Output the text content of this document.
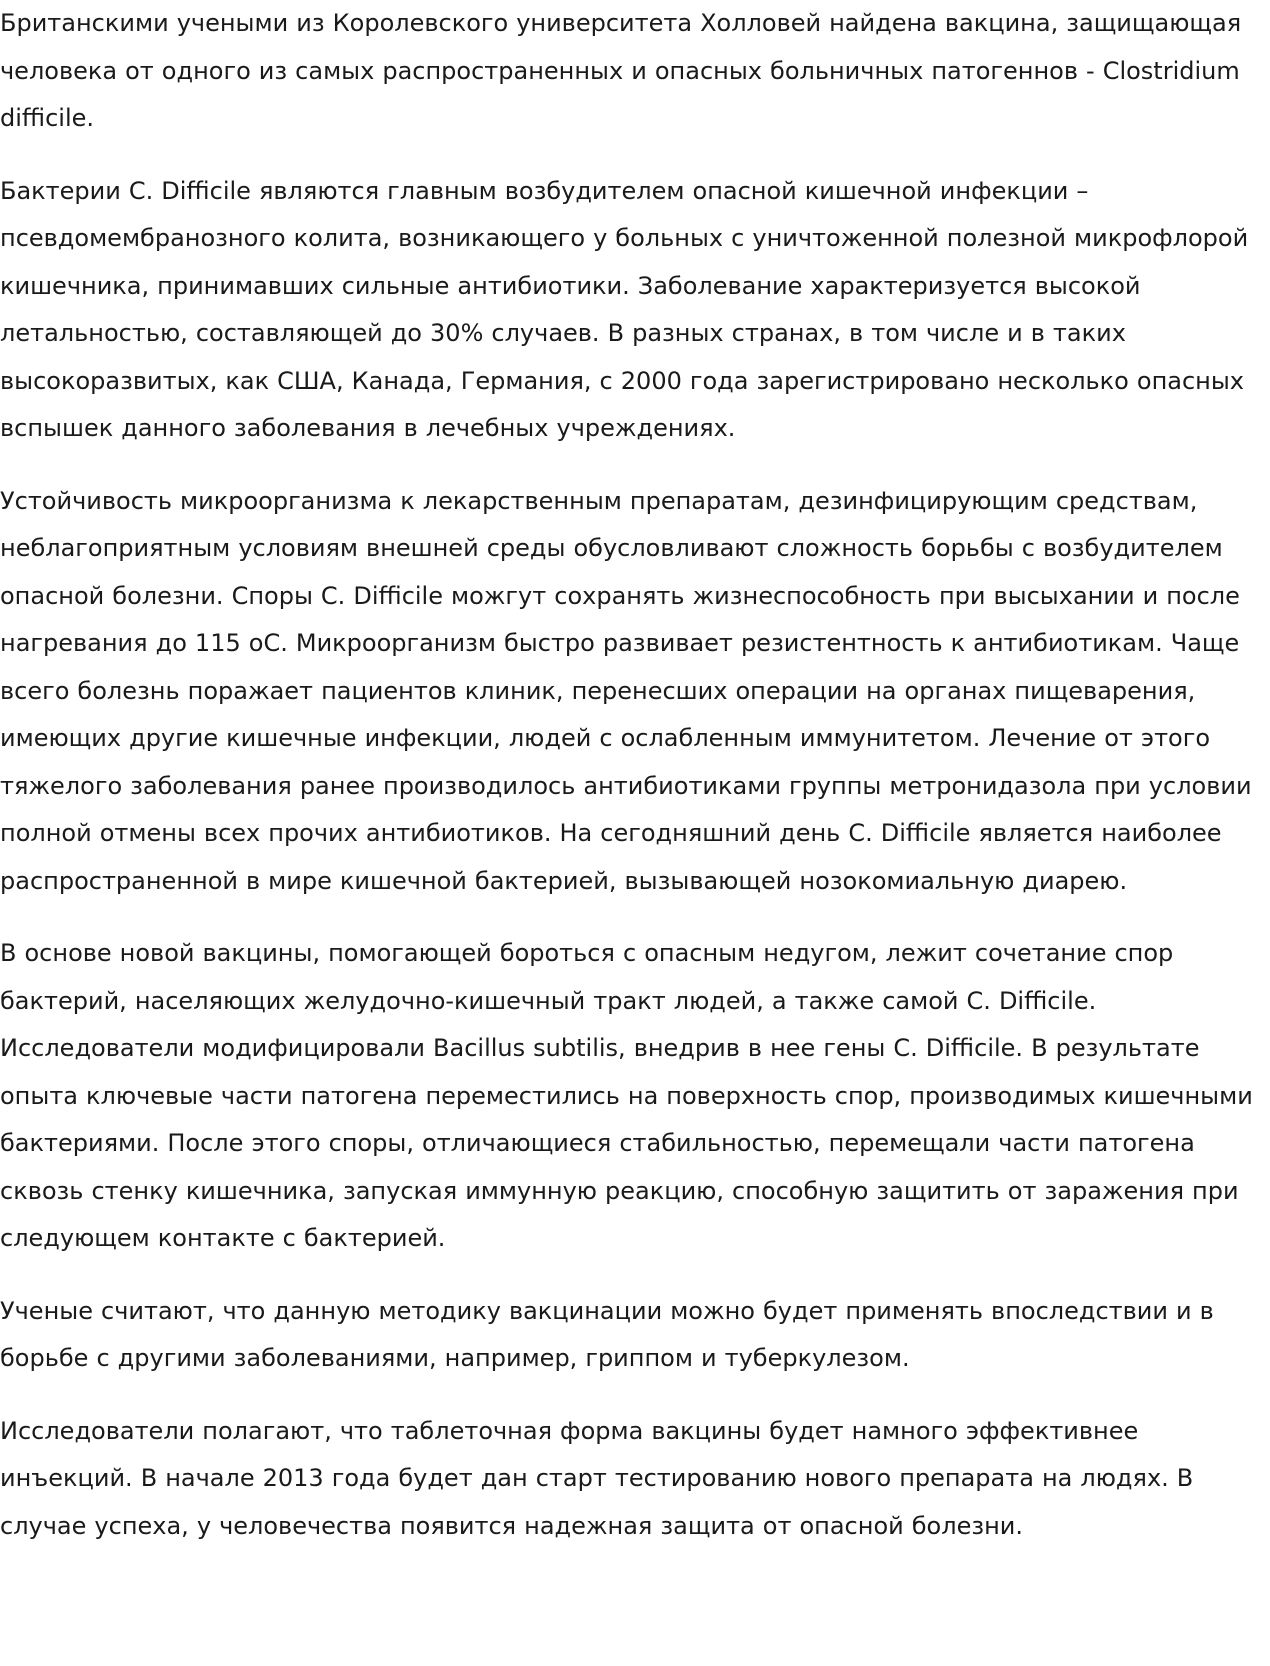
Британскими учеными из Королевского университета Холловей найдена вакцина, защищающая человека от одного из самых распространенных и опасных больничных патогеннов - Clostridium difficile.

Бактерии C. Difficile являются главным возбудителем опасной кишечной инфекции – псевдомембранозного колита, возникающего у больных с уничтоженной полезной микрофлорой кишечника, принимавших сильные антибиотики. Заболевание характеризуется высокой летальностью, составляющей до 30% случаев. В разных странах, в том числе и в таких высокоразвитых, как США, Канада, Германия, с 2000 года зарегистрировано несколько опасных вспышек данного заболевания в лечебных учреждениях.

Устойчивость микроорганизма к лекарственным препаратам, дезинфицирующим средствам, неблагоприятным условиям внешней среды обусловливают сложность борьбы с возбудителем опасной болезни. Споры C. Difficile можгут сохранять жизнеспособность при высыхании и после нагревания до 115 oC. Микроорганизм быстро развивает резистентность к антибиотикам. Чаще всего болезнь поражает пациентов клиник, перенесших операции на органах пищеварения, имеющих другие кишечные инфекции, людей с ослабленным иммунитетом. Лечение от этого тяжелого заболевания ранее производилось антибиотиками группы метронидазола при условии полной отмены всех прочих антибиотиков. На сегодняшний день C. Difficile является наиболее распространенной в мире кишечной бактерией, вызывающей нозокомиальную диарею.

В основе новой вакцины, помогающей бороться с опасным недугом, лежит сочетание спор бактерий, населяющих желудочно-кишечный тракт людей, а также самой C. Difficile. Исследователи модифицировали Bacillus subtilis, внедрив в нее гены C. Difficile. В результате опыта ключевые части патогена переместились на поверхность спор, производимых кишечными бактериями. После этого споры, отличающиеся стабильностью, перемещали части патогена сквозь стенку кишечника, запуская иммунную реакцию, способную защитить от заражения при следующем контакте с бактерией.

Ученые считают, что данную методику вакцинации можно будет применять впоследствии и в борьбе с другими заболеваниями, например, гриппом и туберкулезом.

Исследователи полагают, что таблеточная форма вакцины будет намного эффективнее инъекций. В начале 2013 года будет дан старт тестированию нового препарата на людях. В случае успеха, у человечества появится надежная защита от опасной болезни.
